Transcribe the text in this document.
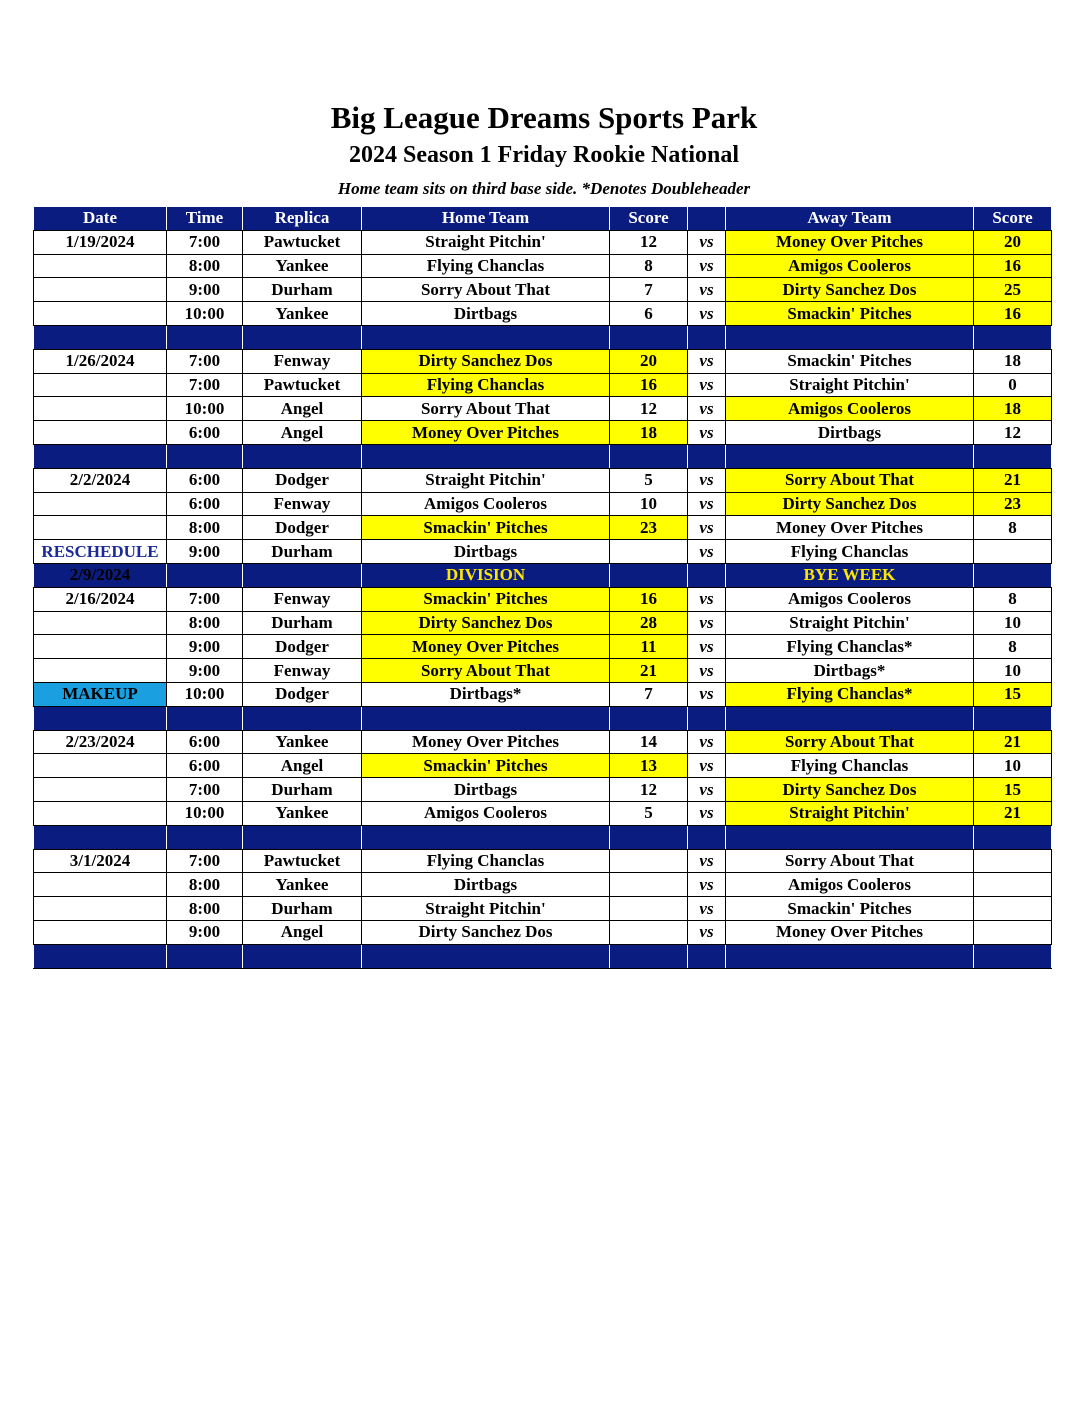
Big League Dreams Sports Park
2024 Season 1 Friday Rookie National
Home team sits on third base side. *Denotes Doubleheader
Date	Time	Replica	Home Team	Score		Away Team	Score
1/19/2024	7:00	Pawtucket	Straight Pitchin'	12	vs	Money Over Pitches	20
	8:00	Yankee	Flying Chanclas	8	vs	Amigos Cooleros	16
	9:00	Durham	Sorry About That	7	vs	Dirty Sanchez Dos	25
	10:00	Yankee	Dirtbags	6	vs	Smackin' Pitches	16

1/26/2024	7:00	Fenway	Dirty Sanchez Dos	20	vs	Smackin' Pitches	18
	7:00	Pawtucket	Flying Chanclas	16	vs	Straight Pitchin'	0
	10:00	Angel	Sorry About That	12	vs	Amigos Cooleros	18
	6:00	Angel	Money Over Pitches	18	vs	Dirtbags	12

2/2/2024	6:00	Dodger	Straight Pitchin'	5	vs	Sorry About That	21
	6:00	Fenway	Amigos Cooleros	10	vs	Dirty Sanchez Dos	23
	8:00	Dodger	Smackin' Pitches	23	vs	Money Over Pitches	8
RESCHEDULE	9:00	Durham	Dirtbags		vs	Flying Chanclas	
2/9/2024			DIVISION			BYE WEEK	
2/16/2024	7:00	Fenway	Smackin' Pitches	16	vs	Amigos Cooleros	8
	8:00	Durham	Dirty Sanchez Dos	28	vs	Straight Pitchin'	10
	9:00	Dodger	Money Over Pitches	11	vs	Flying Chanclas*	8
	9:00	Fenway	Sorry About That	21	vs	Dirtbags*	10
MAKEUP	10:00	Dodger	Dirtbags*	7	vs	Flying Chanclas*	15

2/23/2024	6:00	Yankee	Money Over Pitches	14	vs	Sorry About That	21
	6:00	Angel	Smackin' Pitches	13	vs	Flying Chanclas	10
	7:00	Durham	Dirtbags	12	vs	Dirty Sanchez Dos	15
	10:00	Yankee	Amigos Cooleros	5	vs	Straight Pitchin'	21

3/1/2024	7:00	Pawtucket	Flying Chanclas		vs	Sorry About That	
	8:00	Yankee	Dirtbags		vs	Amigos Cooleros	
	8:00	Durham	Straight Pitchin'		vs	Smackin' Pitches	
	9:00	Angel	Dirty Sanchez Dos		vs	Money Over Pitches	
